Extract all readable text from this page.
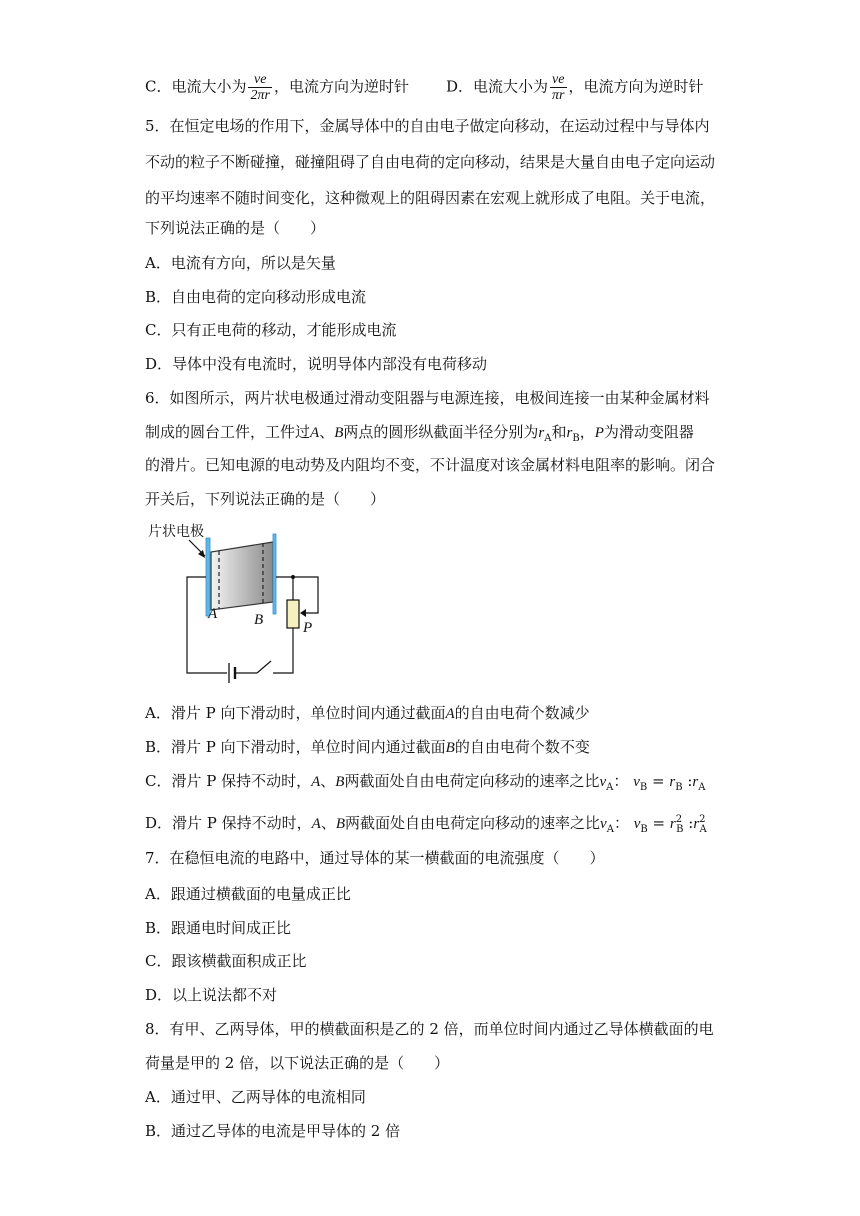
C．电流大小为 $\frac{ve}{2\pi r}$ ，电流方向为逆时针 D．电流大小为 $\frac{ve}{\pi r}$ ，电流方向为逆时针
5．在恒定电场的作用下，金属导体中的自由电子做定向移动，在运动过程中与导体内
不动的粒子不断碰撞，碰撞阻碍了自由电荷的定向移动，结果是大量自由电子定向运动
的平均速率不随时间变化，这种微观上的阻碍因素在宏观上就形成了电阻。关于电流，
下列说法正确的是（　　）
A．电流有方向，所以是矢量
B．自由电荷的定向移动形成电流
C．只有正电荷的移动，才能形成电流
D．导体中没有电流时，说明导体内部没有电荷移动
6．如图所示，两片状电极通过滑动变阻器与电源连接，电极间连接一由某种金属材料
制成的圆台工件，工件过A、B两点的圆形纵截面半径分别为$r_A$和$r_B$，P为滑动变阻器
的滑片。已知电源的电动势及内阻均不变，不计温度对该金属材料电阻率的影响。闭合
开关后，下列说法正确的是（　　）
片状电极
A B	P
A．滑片 P 向下滑动时，单位时间内通过截面A的自由电荷个数减少
B．滑片 P 向下滑动时，单位时间内通过截面B的自由电荷个数不变
C．滑片 P 保持不动时，A、B两截面处自由电荷定向移动的速率之比$v_A$： $v_B = r_B$ $:r_A$
D．滑片 P 保持不动时，A、B两截面处自由电荷定向移动的速率之比$v_A$： $v_B = r^2_B$ $:r^2_A$
7．在稳恒电流的电路中，通过导体的某一横截面的电流强度（　　）
A．跟通过横截面的电量成正比
B．跟通电时间成正比
C．跟该横截面积成正比
D．以上说法都不对
8．有甲、乙两导体，甲的横截面积是乙的 2 倍，而单位时间内通过乙导体横截面的电
荷量是甲的 2 倍，以下说法正确的是（　　）
A．通过甲、乙两导体的电流相同
B．通过乙导体的电流是甲导体的 2 倍
